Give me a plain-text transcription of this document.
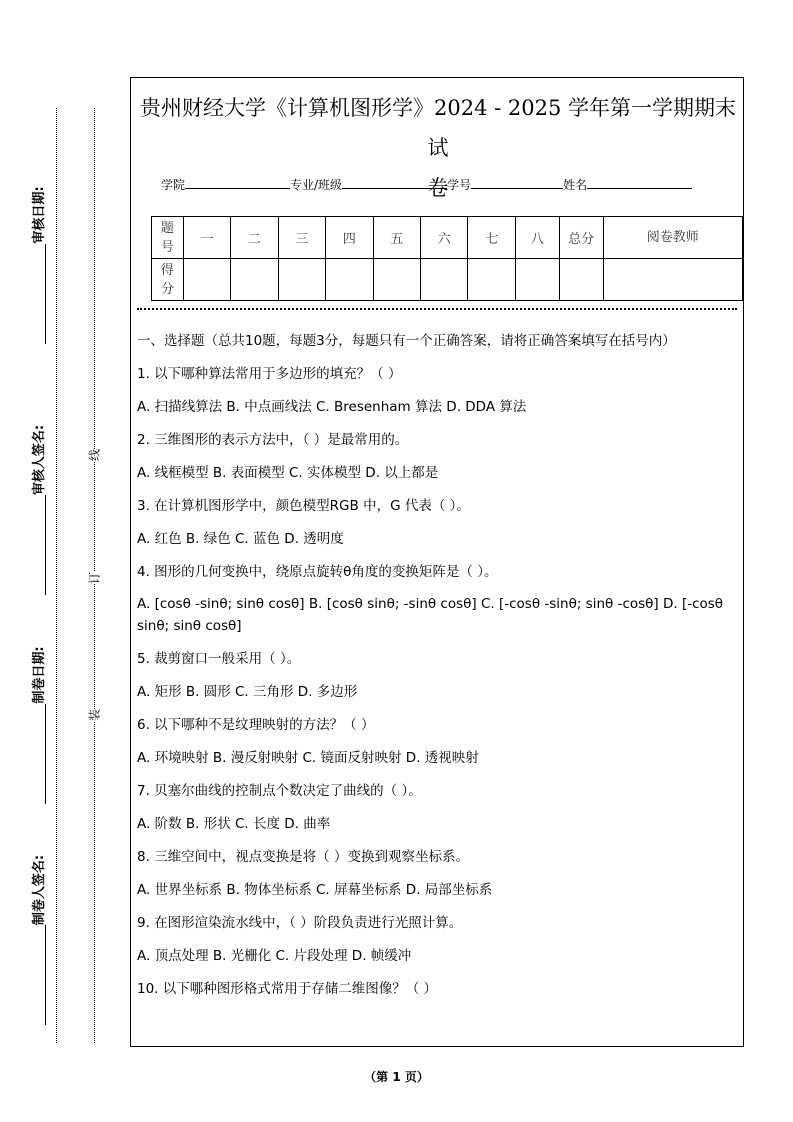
审核日期:
审核人签名:
制卷日期:
制卷人签名:
线
订
装
贵州财经大学《计算机图形学》2024 - 2025 学年第一学期期末试
卷
学院	专业/班级	学号	姓名
题号	一	二	三	四	五	六	七	八	总分	阅卷教师
得分										
一、选择题（总共10题，每题3分，每题只有一个正确答案，请将正确答案填写在括号内）
1. 以下哪种算法常用于多边形的填充？（ ）
A. 扫描线算法 B. 中点画线法 C. Bresenham 算法 D. DDA 算法
2. 三维图形的表示方法中，（ ）是最常用的。
A. 线框模型 B. 表面模型 C. 实体模型 D. 以上都是
3. 在计算机图形学中，颜色模型RGB 中，G 代表（ ）。
A. 红色 B. 绿色 C. 蓝色 D. 透明度
4. 图形的几何变换中，绕原点旋转θ角度的变换矩阵是（ ）。
A. [cosθ -sinθ; sinθ cosθ] B. [cosθ sinθ; -sinθ cosθ] C. [-cosθ -sinθ; sinθ -cosθ] D. [-cosθ sinθ; sinθ cosθ]
5. 裁剪窗口一般采用（ ）。
A. 矩形 B. 圆形 C. 三角形 D. 多边形
6. 以下哪种不是纹理映射的方法？（ ）
A. 环境映射 B. 漫反射映射 C. 镜面反射映射 D. 透视映射
7. 贝塞尔曲线的控制点个数决定了曲线的（ ）。
A. 阶数 B. 形状 C. 长度 D. 曲率
8. 三维空间中，视点变换是将（ ）变换到观察坐标系。
A. 世界坐标系 B. 物体坐标系 C. 屏幕坐标系 D. 局部坐标系
9. 在图形渲染流水线中，（ ）阶段负责进行光照计算。
A. 顶点处理 B. 光栅化 C. 片段处理 D. 帧缓冲
10. 以下哪种图形格式常用于存储二维图像？（ ）
（第 1 页）
